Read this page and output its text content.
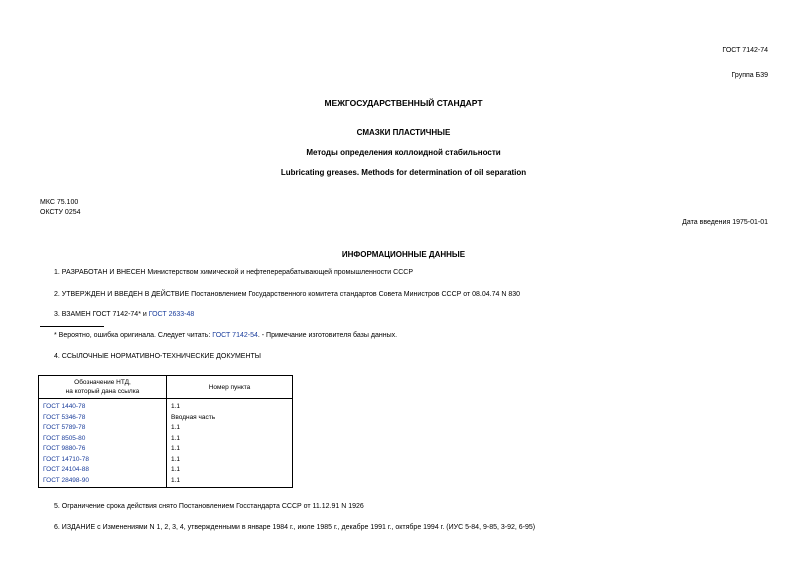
ГОСТ 7142-74
Группа Б39
МЕЖГОСУДАРСТВЕННЫЙ СТАНДАРТ
СМАЗКИ ПЛАСТИЧНЫЕ
Методы определения коллоидной стабильности
Lubricating greases. Methods for determination of oil separation
МКС 75.100
ОКСТУ 0254
Дата введения 1975-01-01
ИНФОРМАЦИОННЫЕ ДАННЫЕ
1. РАЗРАБОТАН И ВНЕСЕН Министерством химической и нефтеперерабатывающей промышленности СССР
2. УТВЕРЖДЕН И ВВЕДЕН В ДЕЙСТВИЕ Постановлением Государственного комитета стандартов Совета Министров СССР от 08.04.74 N 830
3. ВЗАМЕН ГОСТ 7142-74* и ГОСТ 2633-48
* Вероятно, ошибка оригинала. Следует читать: ГОСТ 7142-54. - Примечание изготовителя базы данных.
4. ССЫЛОЧНЫЕ НОРМАТИВНО-ТЕХНИЧЕСКИЕ ДОКУМЕНТЫ
Обозначение НТД,
на который дана ссылка	Номер пункта
ГОСТ 1440-78	1.1
ГОСТ 5346-78	Вводная часть
ГОСТ 5789-78	1.1
ГОСТ 8505-80	1.1
ГОСТ 9880-76	1.1
ГОСТ 14710-78	1.1
ГОСТ 24104-88	1.1
ГОСТ 28498-90	1.1
5. Ограничение срока действия снято Постановлением Госстандарта СССР от 11.12.91 N 1926
6. ИЗДАНИЕ с Изменениями N 1, 2, 3, 4, утвержденными в январе 1984 г., июле 1985 г., декабре 1991 г., октябре 1994 г. (ИУС 5-84, 9-85, 3-92, 6-95)
